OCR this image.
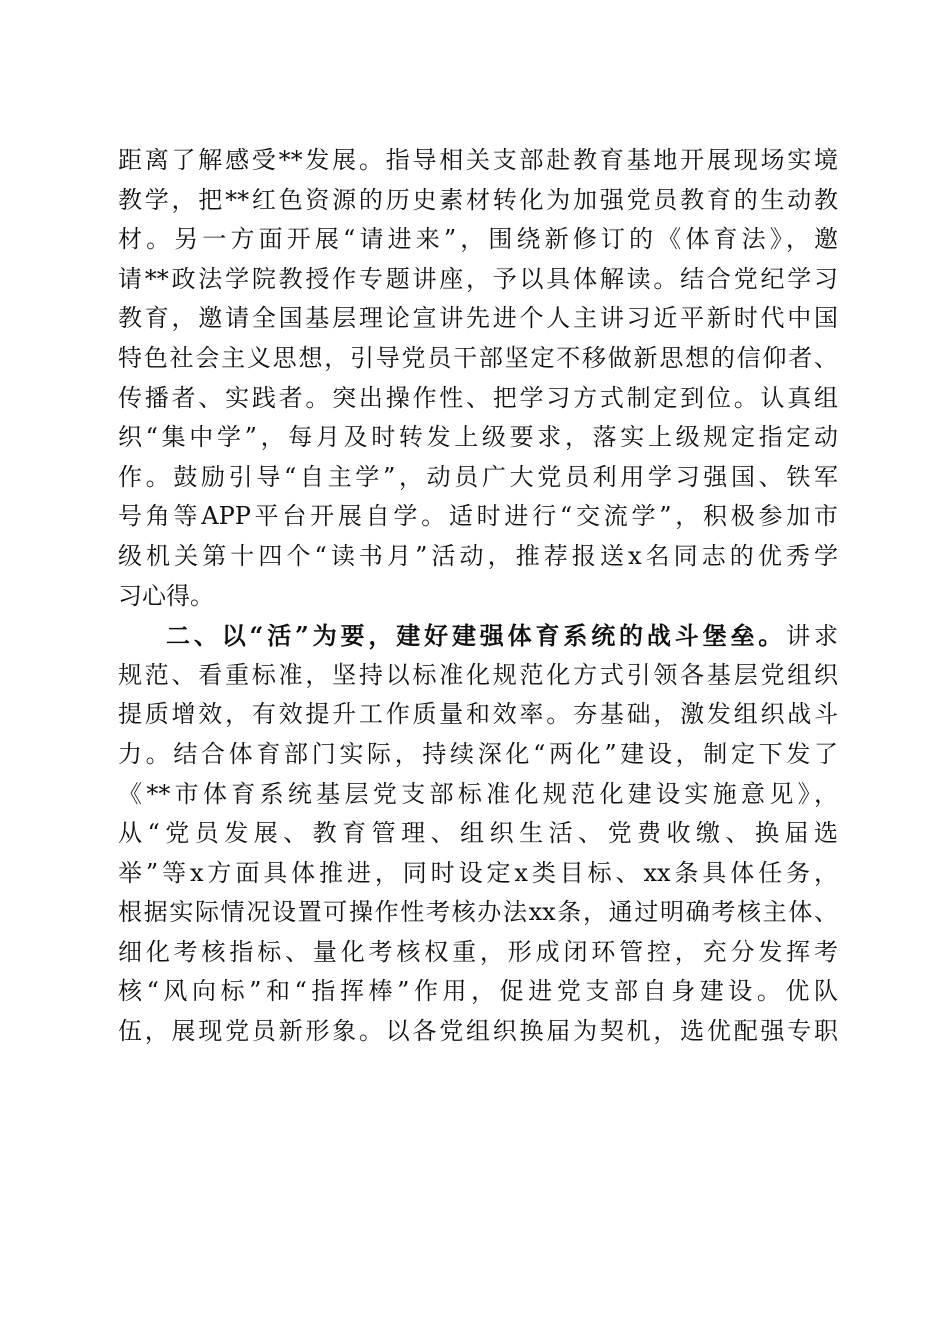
距离了解感受**发展。指导相关支部赴教育基地开展现场实境
教学，把**红色资源的历史素材转化为加强党员教育的生动教
材。另一方面开展“请进来”，围绕新修订的《体育法》，邀
请**政法学院教授作专题讲座，予以具体解读。结合党纪学习
教育，邀请全国基层理论宣讲先进个人主讲习近平新时代中国
特色社会主义思想，引导党员干部坚定不移做新思想的信仰者、
传播者、实践者。突出操作性、把学习方式制定到位。认真组
织“集中学”，每月及时转发上级要求，落实上级规定指定动
作。鼓励引导“自主学”，动员广大党员利用学习强国、铁军
号角等APP平台开展自学。适时进行“交流学”，积极参加市
级机关第十四个“读书月”活动，推荐报送x名同志的优秀学
习心得。
二、以“活”为要，建好建强体育系统的战斗堡垒。讲求
规范、看重标准，坚持以标准化规范化方式引领各基层党组织
提质增效，有效提升工作质量和效率。夯基础，激发组织战斗
力。结合体育部门实际，持续深化“两化”建设，制定下发了
《**市体育系统基层党支部标准化规范化建设实施意见》，
从“党员发展、教育管理、组织生活、党费收缴、换届选
举”等x方面具体推进，同时设定x类目标、xx条具体任务，
根据实际情况设置可操作性考核办法xx条，通过明确考核主体、
细化考核指标、量化考核权重，形成闭环管控，充分发挥考
核“风向标”和“指挥棒”作用，促进党支部自身建设。优队
伍，展现党员新形象。以各党组织换届为契机，选优配强专职
